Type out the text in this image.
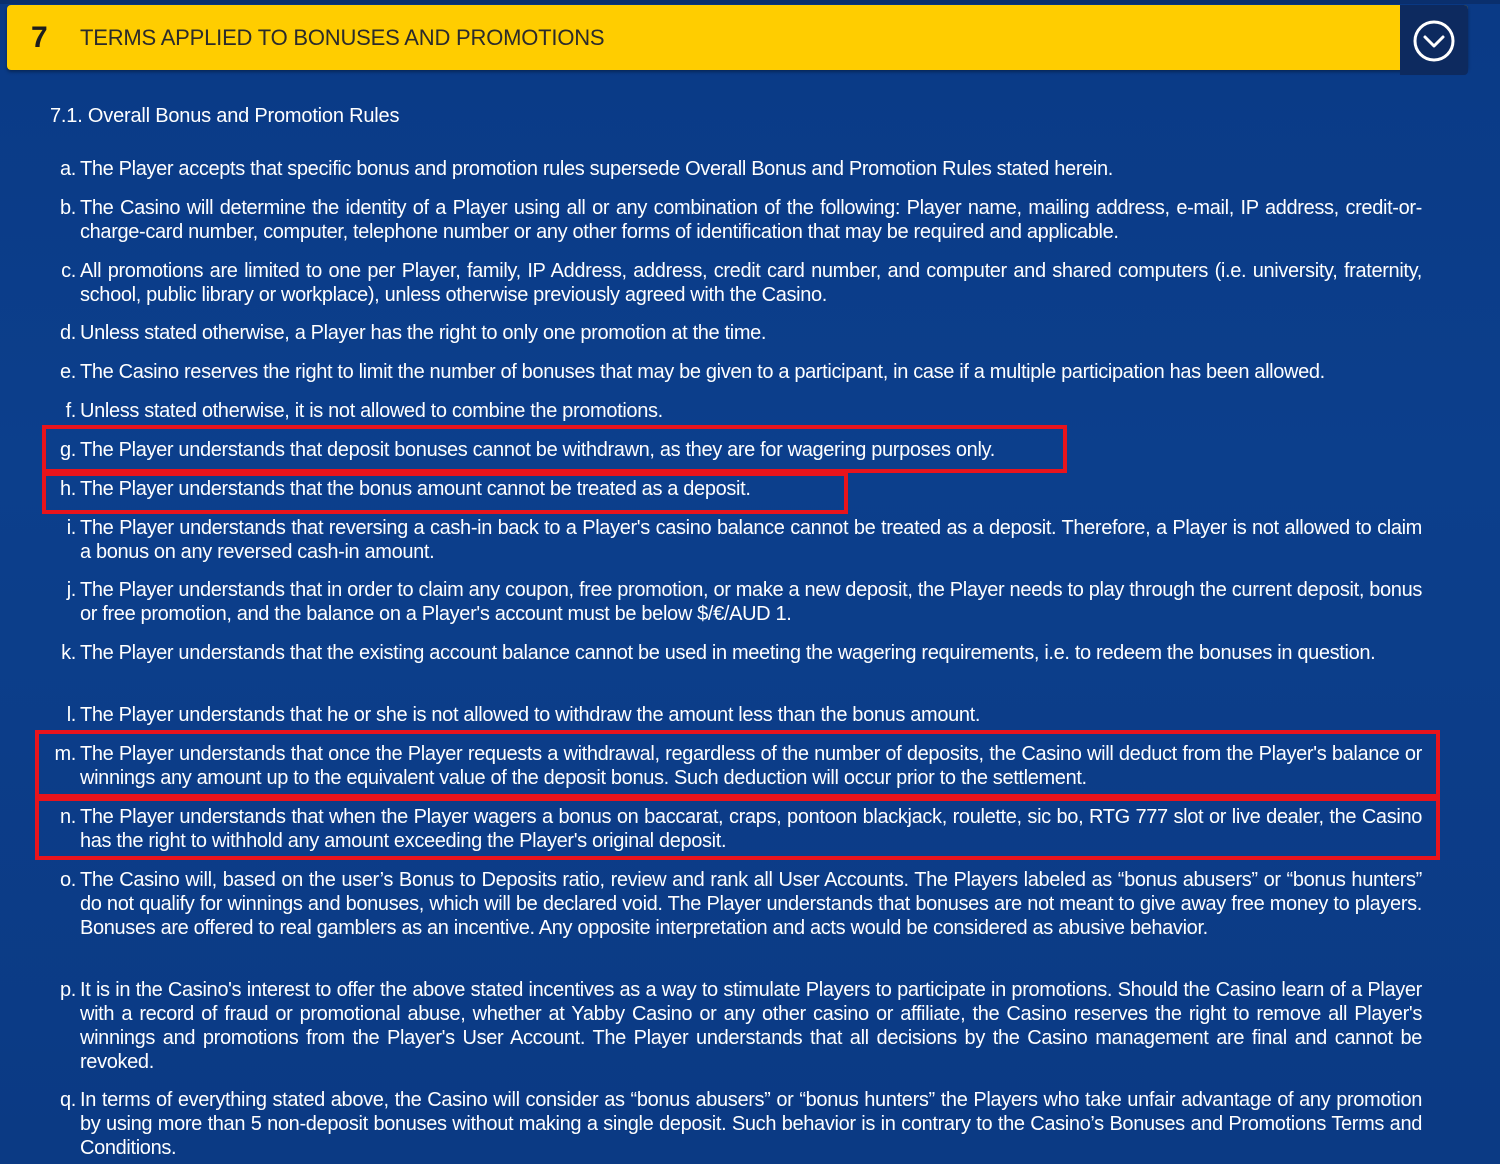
7 TERMS APPLIED TO BONUSES AND PROMOTIONS
7.1. Overall Bonus and Promotion Rules
a. The Player accepts that specific bonus and promotion rules supersede Overall Bonus and Promotion Rules stated herein.
b. The Casino will determine the identity of a Player using all or any combination of the following: Player name, mailing address, e-mail, IP address, credit-or-charge-card number, computer, telephone number or any other forms of identification that may be required and applicable.
c. All promotions are limited to one per Player, family, IP Address, address, credit card number, and computer and shared computers (i.e. university, fraternity, school, public library or workplace), unless otherwise previously agreed with the Casino.
d. Unless stated otherwise, a Player has the right to only one promotion at the time.
e. The Casino reserves the right to limit the number of bonuses that may be given to a participant, in case if a multiple participation has been allowed.
f. Unless stated otherwise, it is not allowed to combine the promotions.
g. The Player understands that deposit bonuses cannot be withdrawn, as they are for wagering purposes only.
h. The Player understands that the bonus amount cannot be treated as a deposit.
i. The Player understands that reversing a cash-in back to a Player's casino balance cannot be treated as a deposit. Therefore, a Player is not allowed to claim a bonus on any reversed cash-in amount.
j. The Player understands that in order to claim any coupon, free promotion, or make a new deposit, the Player needs to play through the current deposit, bonus or free promotion, and the balance on a Player's account must be below $/€/AUD 1.
k. The Player understands that the existing account balance cannot be used in meeting the wagering requirements, i.e. to redeem the bonuses in question.
l. The Player understands that he or she is not allowed to withdraw the amount less than the bonus amount.
m. The Player understands that once the Player requests a withdrawal, regardless of the number of deposits, the Casino will deduct from the Player's balance or winnings any amount up to the equivalent value of the deposit bonus. Such deduction will occur prior to the settlement.
n. The Player understands that when the Player wagers a bonus on baccarat, craps, pontoon blackjack, roulette, sic bo, RTG 777 slot or live dealer, the Casino has the right to withhold any amount exceeding the Player's original deposit.
o. The Casino will, based on the user’s Bonus to Deposits ratio, review and rank all User Accounts. The Players labeled as “bonus abusers” or “bonus hunters” do not qualify for winnings and bonuses, which will be declared void. The Player understands that bonuses are not meant to give away free money to players. Bonuses are offered to real gamblers as an incentive. Any opposite interpretation and acts would be considered as abusive behavior.
p. It is in the Casino's interest to offer the above stated incentives as a way to stimulate Players to participate in promotions. Should the Casino learn of a Player with a record of fraud or promotional abuse, whether at Yabby Casino or any other casino or affiliate, the Casino reserves the right to remove all Player's winnings and promotions from the Player's User Account. The Player understands that all decisions by the Casino management are final and cannot be revoked.
q. In terms of everything stated above, the Casino will consider as “bonus abusers” or “bonus hunters” the Players who take unfair advantage of any promotion by using more than 5 non-deposit bonuses without making a single deposit. Such behavior is in contrary to the Casino’s Bonuses and Promotions Terms and Conditions.
